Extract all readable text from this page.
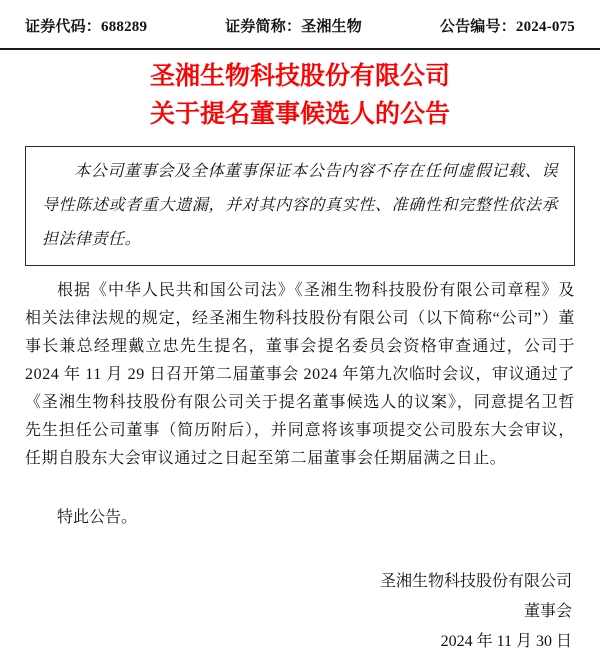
证券代码：688289	证券简称：圣湘生物	公告编号：2024-075
圣湘生物科技股份有限公司
关于提名董事候选人的公告
本公司董事会及全体董事保证本公告内容不存在任何虚假记载、误导性陈述或者重大遗漏，并对其内容的真实性、准确性和完整性依法承担法律责任。

根据《中华人民共和国公司法》《圣湘生物科技股份有限公司章程》及相关法律法规的规定，经圣湘生物科技股份有限公司（以下简称“公司”）董事长兼总经理戴立忠先生提名，董事会提名委员会资格审查通过，公司于 2024 年 11 月 29 日召开第二届董事会 2024 年第九次临时会议，审议通过了《圣湘生物科技股份有限公司关于提名董事候选人的议案》，同意提名卫哲先生担任公司董事（简历附后），并同意将该事项提交公司股东大会审议，任期自股东大会审议通过之日起至第二届董事会任期届满之日止。

特此公告。

圣湘生物科技股份有限公司
董事会
2024 年 11 月 30 日
